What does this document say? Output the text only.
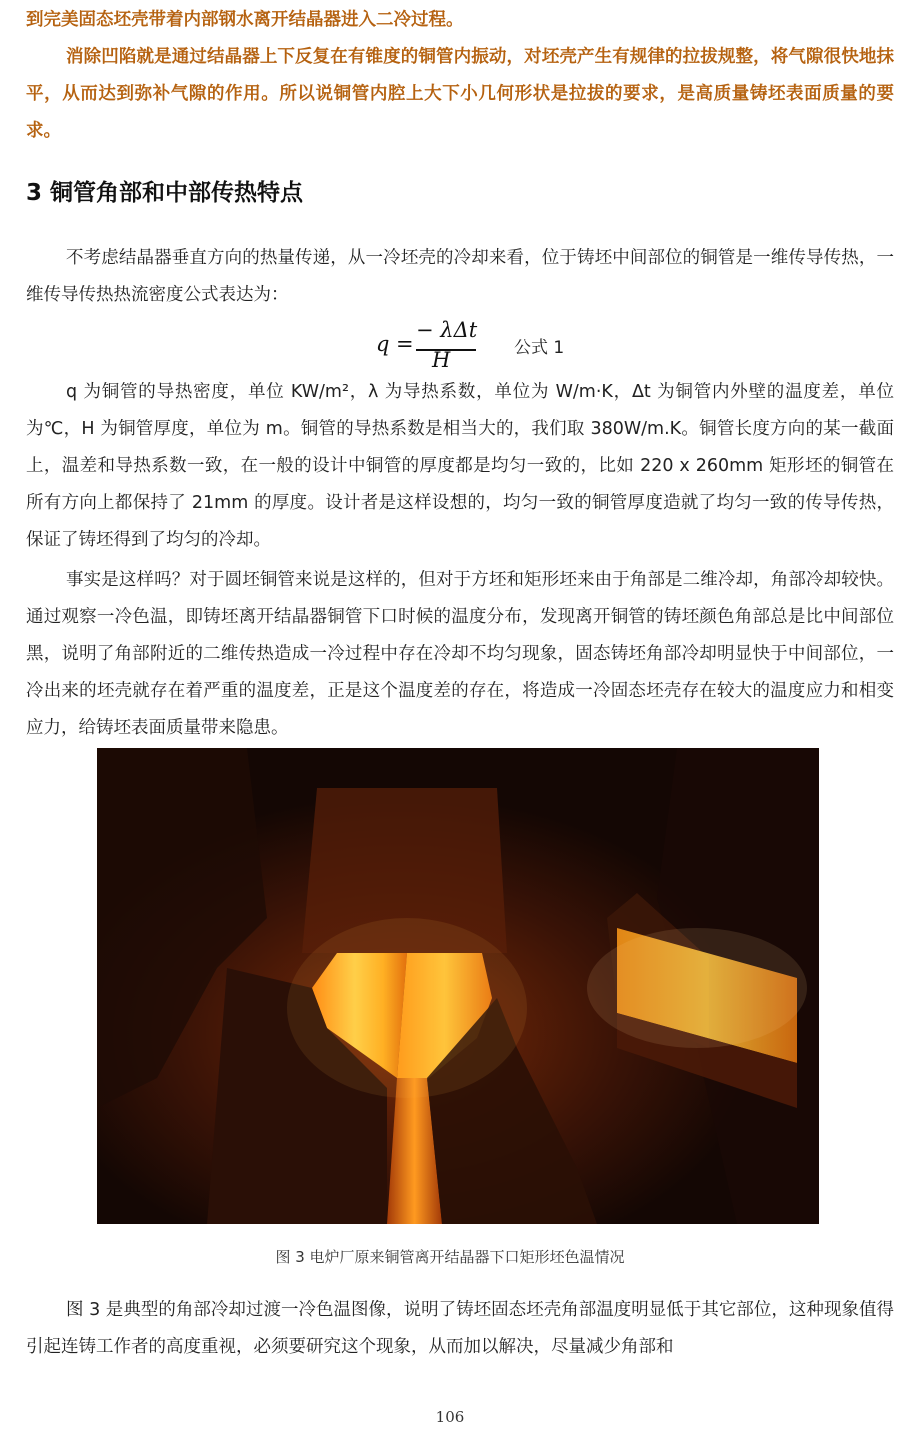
到完美固态坯壳带着内部钢水离开结晶器进入二冷过程。

消除凹陷就是通过结晶器上下反复在有锥度的铜管内振动，对坯壳产生有规律的拉拔规整，将气隙很快地抹平，从而达到弥补气隙的作用。所以说铜管内腔上大下小几何形状是拉拔的要求，是高质量铸坯表面质量的要求。

3 铜管角部和中部传热特点

不考虑结晶器垂直方向的热量传递，从一冷坯壳的冷却来看，位于铸坯中间部位的铜管是一维传导传热，一维传导传热热流密度公式表达为：

q =
− λΔt
H	公式 1

q 为铜管的导热密度，单位 KW/m²，λ 为导热系数，单位为 W/m·K，Δt 为铜管内外壁的温度差，单位为℃，H 为铜管厚度，单位为 m。铜管的导热系数是相当大的，我们取 380W/m.K。铜管长度方向的某一截面上，温差和导热系数一致，在一般的设计中铜管的厚度都是均匀一致的，比如 220 x 260mm 矩形坯的铜管在所有方向上都保持了 21mm 的厚度。设计者是这样设想的，均匀一致的铜管厚度造就了均匀一致的传导传热，保证了铸坯得到了均匀的冷却。

事实是这样吗？对于圆坯铜管来说是这样的，但对于方坯和矩形坯来由于角部是二维冷却，角部冷却较快。通过观察一冷色温，即铸坯离开结晶器铜管下口时候的温度分布，发现离开铜管的铸坯颜色角部总是比中间部位黑，说明了角部附近的二维传热造成一冷过程中存在冷却不均匀现象，固态铸坯角部冷却明显快于中间部位，一冷出来的坯壳就存在着严重的温度差，正是这个温度差的存在，将造成一冷固态坯壳存在较大的温度应力和相变应力，给铸坯表面质量带来隐患。

图 3 电炉厂原来铜管离开结晶器下口矩形坯色温情况

图 3 是典型的角部冷却过渡一冷色温图像，说明了铸坯固态坯壳角部温度明显低于其它部位，这种现象值得引起连铸工作者的高度重视，必须要研究这个现象，从而加以解决，尽量减少角部和

106
